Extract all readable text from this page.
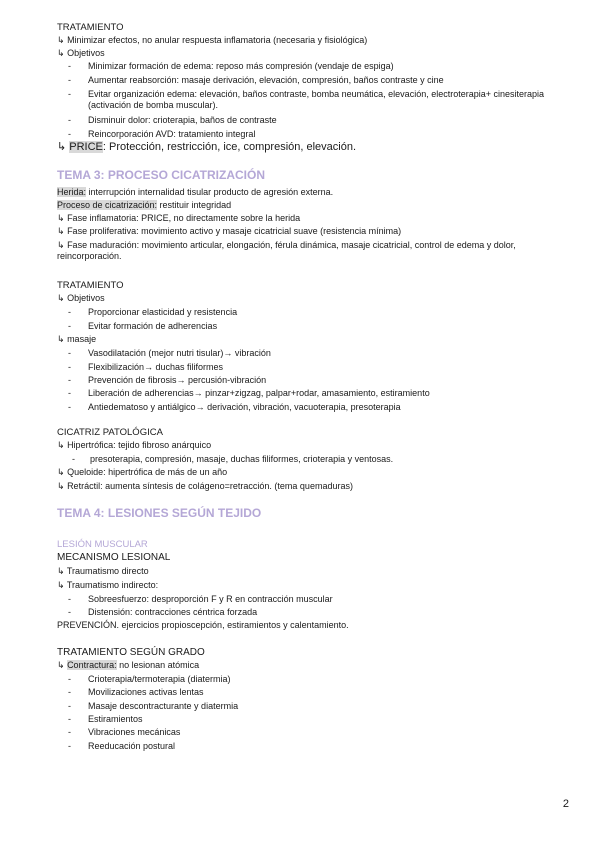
TRATAMIENTO
↳ Minimizar efectos, no anular respuesta inflamatoria (necesaria y fisiológica)
↳ Objetivos
- Minimizar formación de edema: reposo más compresión (vendaje de espiga)
- Aumentar reabsorción: masaje derivación, elevación, compresión, baños contraste y cine
- Evitar organización edema: elevación, baños contraste, bomba neumática, elevación, electroterapia+ cinesiterapia (activación de bomba muscular).
- Disminuir dolor: crioterapia, baños de contraste
- Reincorporación AVD: tratamiento integral
↳ PRICE: Protección, restricción, ice, compresión, elevación.
TEMA 3: PROCESO CICATRIZACIÓN
Herida: interrupción internalidad tisular producto de agresión externa.
Proceso de cicatrización: restituir integridad
↳ Fase inflamatoria: PRICE, no directamente sobre la herida
↳ Fase proliferativa: movimiento activo y masaje cicatricial suave (resistencia mínima)
↳ Fase maduración: movimiento articular, elongación, férula dinámica, masaje cicatricial, control de edema y dolor, reincorporación.
TRATAMIENTO
↳ Objetivos
- Proporcionar elasticidad y resistencia
- Evitar formación de adherencias
↳ masaje
- Vasodilatación (mejor nutri tisular)→ vibración
- Flexibilización→ duchas filiformes
- Prevención de fibrosis→ percusión-vibración
- Liberación de adherencias→ pinzar+zigzag, palpar+rodar, amasamiento, estiramiento
- Antiedematoso y antiálgico→ derivación, vibración, vacuoterapia, presoterapia
CICATRIZ PATOLÓGICA
↳ Hipertrófica: tejido fibroso anárquico
- presoterapia, compresión, masaje, duchas filiformes, crioterapia y ventosas.
↳ Queloide: hipertrófica de más de un año
↳ Retráctil: aumenta síntesis de colágeno=retracción. (tema quemaduras)
TEMA 4: LESIONES SEGÚN TEJIDO
LESIÓN MUSCULAR
MECANISMO LESIONAL
↳ Traumatismo directo
↳ Traumatismo indirecto:
- Sobreesfuerzo: desproporción F y R en contracción muscular
- Distensión: contracciones céntrica forzada
PREVENCIÓN. ejercicios propioscepción, estiramientos y calentamiento.
TRATAMIENTO SEGÚN GRADO
↳ Contractura: no lesionan atómica
- Crioterapia/termoterapia (diatermia)
- Movilizaciones activas lentas
- Masaje descontracturante y diatermia
- Estiramientos
- Vibraciones mecánicas
- Reeducación postural
2
